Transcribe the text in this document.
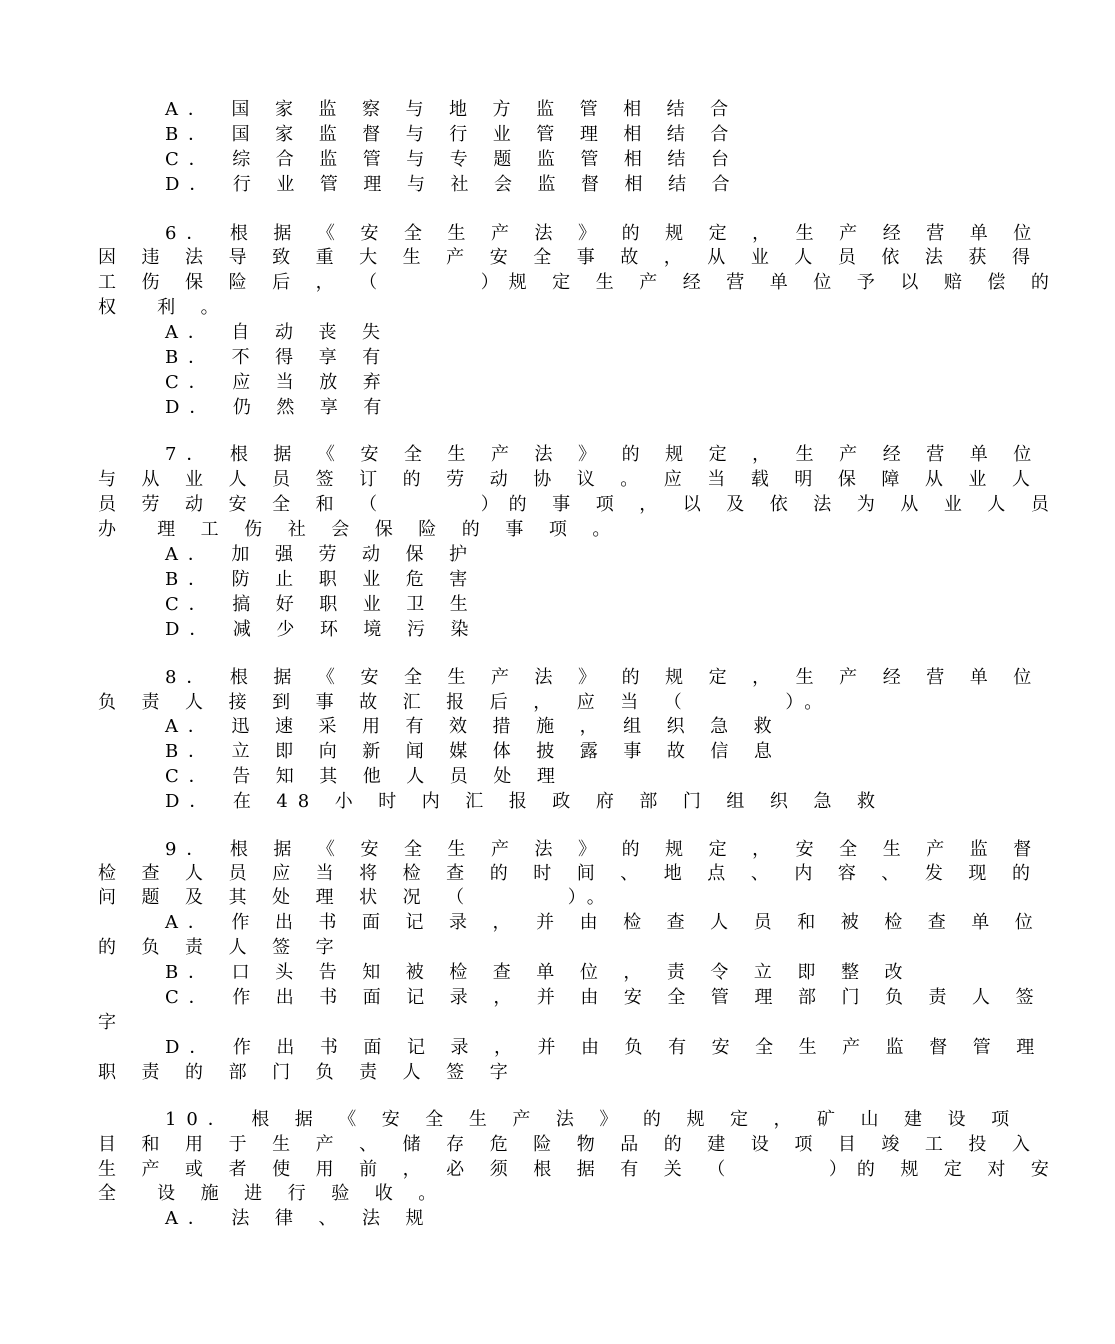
A． 国 家 监 察 与 地 方 监 管 相 结 合
B． 国 家 监 督 与 行 业 管 理 相 结 合
C． 综 合 监 管 与 专 题 监 管 相 结 台
D． 行 业 管 理 与 社 会 监 督 相 结 合
6． 根 据 《 安 全 生 产 法 》 的 规 定 ， 生 产 经 营 单 位
因 违 法 导 致 重 大 生 产 安 全 事 故 ， 从 业 人 员 依 法 获 得
工 伤 保 险 后 ， （      ）规 定 生 产 经 营 单 位 予 以 赔 偿 的
权  利 。
A． 自 动 丧 失
B． 不 得 享 有
C． 应 当 放 弃
D． 仍 然 享 有
7． 根 据 《 安 全 生 产 法 》 的 规 定 ， 生 产 经 营 单 位
与 从 业 人 员 签 订 的 劳 动 协 议 。 应 当 载 明 保 障 从 业 人
员 劳 动 安 全 和 （      ）的 事 项 ， 以 及 依 法 为 从 业 人 员
办  理 工 伤 社 会 保 险 的 事 项 。
A． 加 强 劳 动 保 护
B． 防 止 职 业 危 害
C． 搞 好 职 业 卫 生
D． 减 少 环 境 污 染
8． 根 据 《 安 全 生 产 法 》 的 规 定 ， 生 产 经 营 单 位
负 责 人 接 到 事 故 汇 报 后 ， 应 当 （      ）。
A． 迅 速 采 用 有 效 措 施 ， 组 织 急 救
B． 立 即 向 新 闻 媒 体 披 露 事 故 信 息
C． 告 知 其 他 人 员 处 理
D． 在 48 小 时 内 汇 报 政 府 部 门 组 织 急 救
9． 根 据 《 安 全 生 产 法 》 的 规 定 ， 安 全 生 产 监 督
检 查 人 员 应 当 将 检 查 的 时 间 、 地 点 、 内 容 、 发 现 的
问 题 及 其 处 理 状 况 （      ）。
A． 作 出 书 面 记 录 ， 并 由 检 查 人 员 和 被 检 查 单 位
的 负 责 人 签 字
B． 口 头 告 知 被 检 查 单 位 ， 责 令 立 即 整 改
C． 作 出 书 面 记 录 ， 并 由 安 全 管 理 部 门 负 责 人 签
字
D． 作 出 书 面 记 录 ， 并 由 负 有 安 全 生 产 监 督 管 理
职 责 的 部 门 负 责 人 签 字
10． 根 据 《 安 全 生 产 法 》 的 规 定 ， 矿 山 建 设 项
目 和 用 于 生 产 、 储 存 危 险 物 品 的 建 设 项 目 竣 工 投 入
生 产 或 者 使 用 前 ， 必 须 根 据 有 关 （      ）的 规 定 对 安
全  设 施 进 行 验 收 。
A． 法 律 、 法 规
